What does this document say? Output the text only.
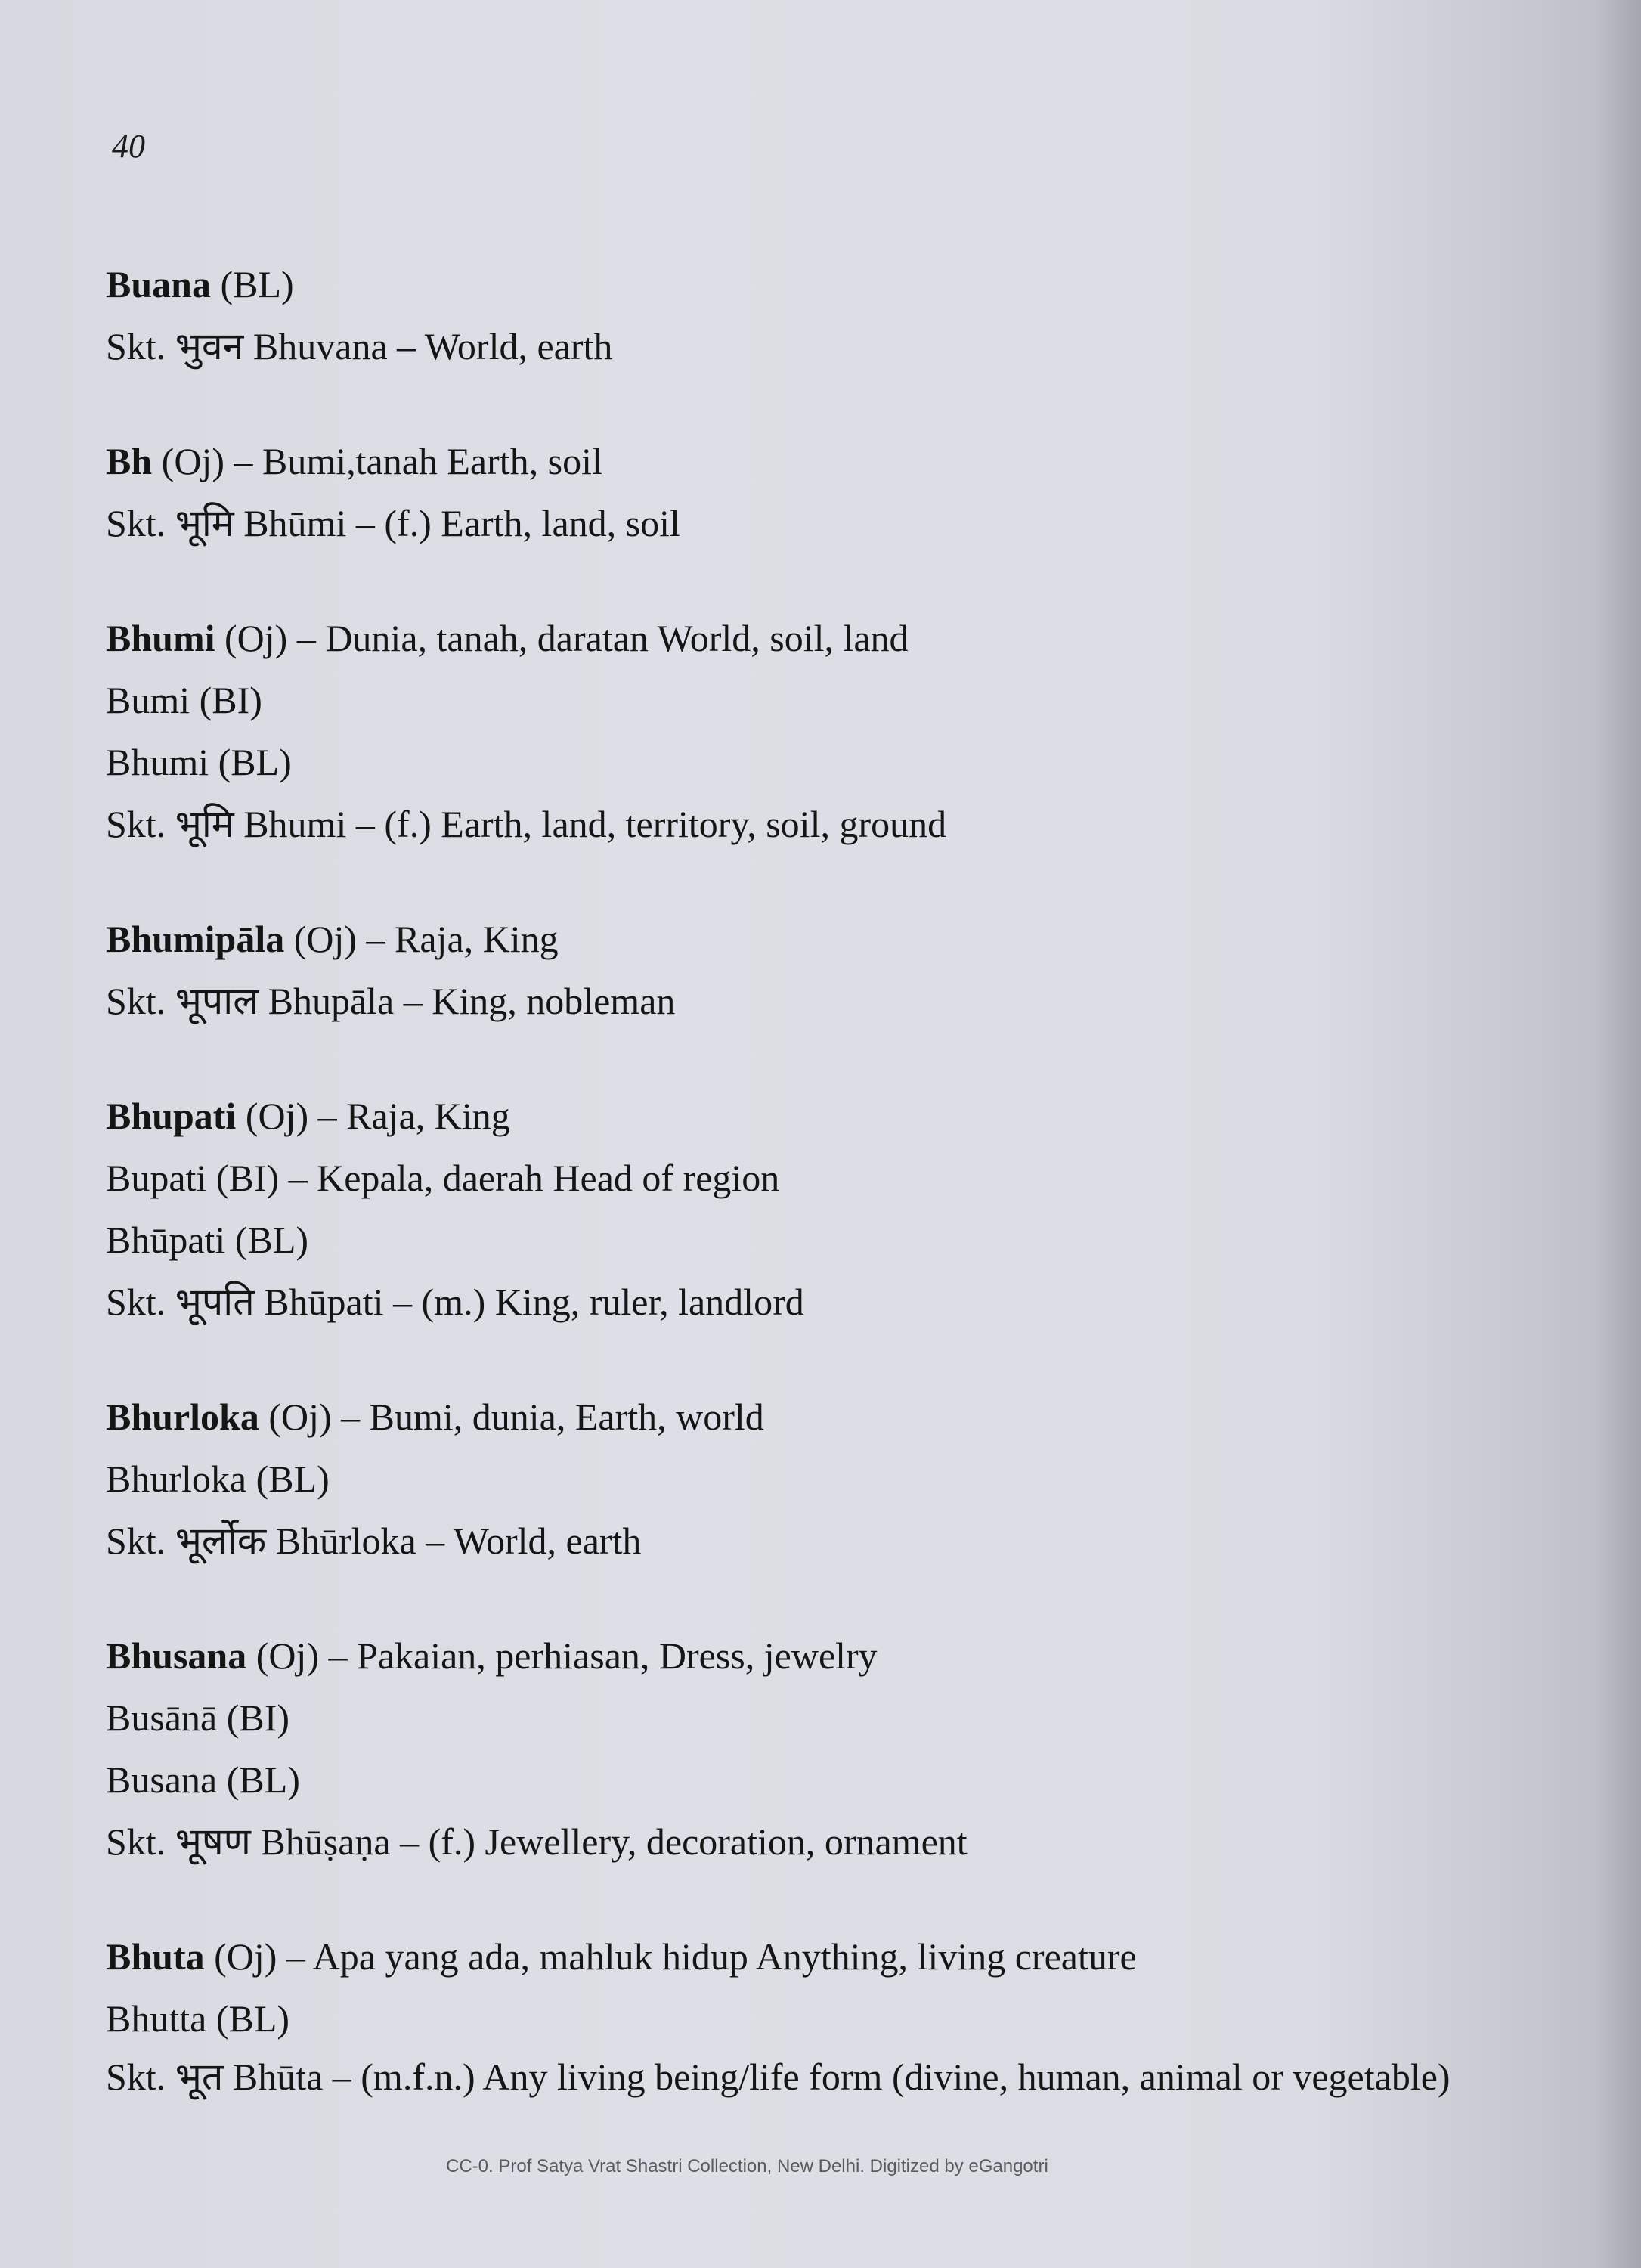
40
Buana (BL)
Skt. भुवन Bhuvana – World, earth
Bh (Oj) – Bumi,tanah Earth, soil
Skt. भूमि Bhūmi – (f.) Earth, land, soil
Bhumi (Oj) – Dunia, tanah, daratan World, soil, land
Bumi (BI)
Bhumi (BL)
Skt. भूमि Bhumi – (f.) Earth, land, territory, soil, ground
Bhumipāla (Oj) – Raja, King
Skt. भूपाल Bhupāla – King, nobleman
Bhupati (Oj) – Raja, King
Bupati (BI) – Kepala, daerah Head of region
Bhūpati (BL)
Skt. भूपति Bhūpati – (m.) King, ruler, landlord
Bhurloka (Oj) – Bumi, dunia, Earth, world
Bhurloka (BL)
Skt. भूर्लोक Bhūrloka – World, earth
Bhusana (Oj) – Pakaian, perhiasan, Dress, jewelry
Busānā (BI)
Busana (BL)
Skt. भूषण Bhūṣaṇa – (f.) Jewellery, decoration, ornament
Bhuta (Oj) – Apa yang ada, mahluk hidup Anything, living creature
Bhutta (BL)
Skt. भूत Bhūta – (m.f.n.) Any living being/life form (divine, human, animal or vegetable)
CC-0. Prof Satya Vrat Shastri Collection, New Delhi. Digitized by eGangotri
